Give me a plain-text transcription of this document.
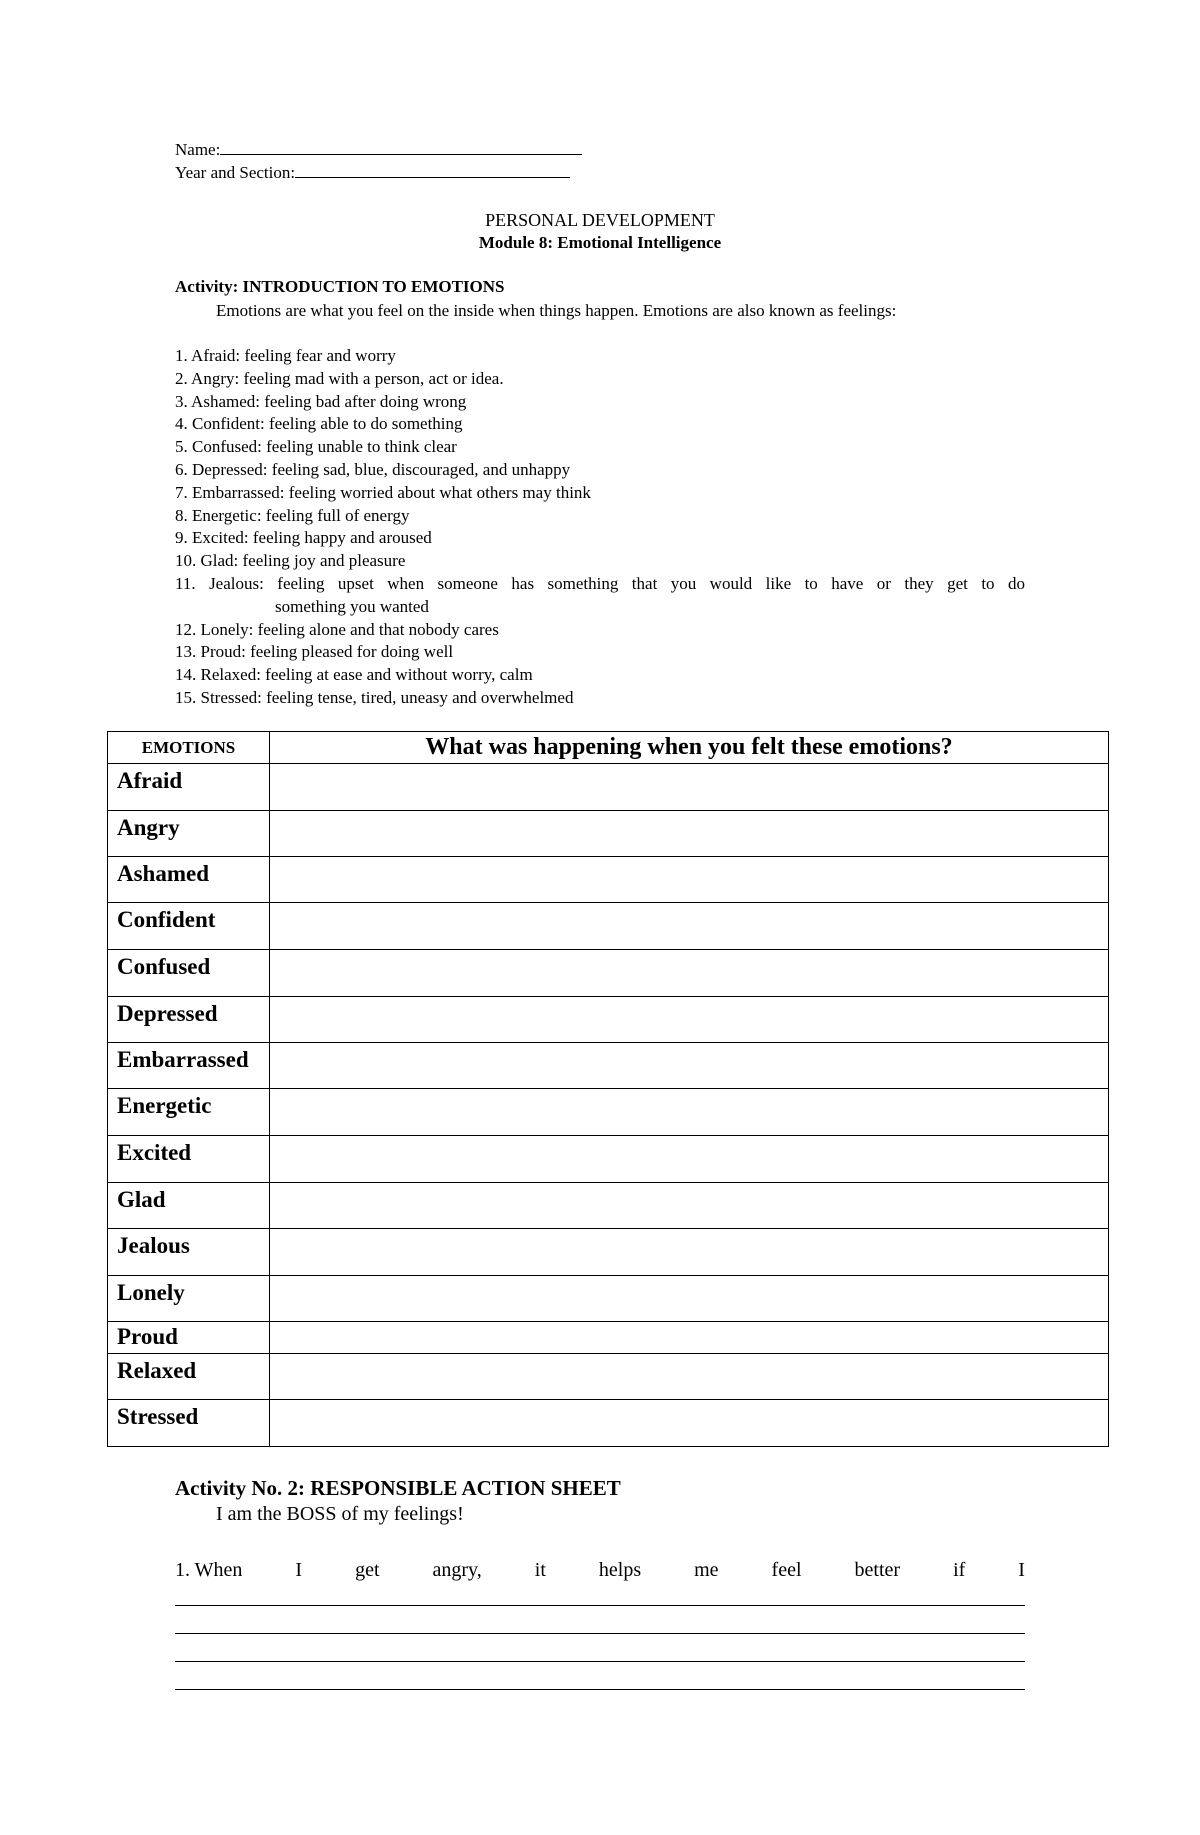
Name:
Year and Section:
PERSONAL DEVELOPMENT
Module 8: Emotional Intelligence
Activity: INTRODUCTION TO EMOTIONS
Emotions are what you feel on the inside when things happen. Emotions are also known as feelings:

1. Afraid: feeling fear and worry

2. Angry: feeling mad with a person, act or idea.

3. Ashamed: feeling bad after doing wrong

4. Confident: feeling able to do something

5. Confused: feeling unable to think clear

6. Depressed: feeling sad, blue, discouraged, and unhappy

7. Embarrassed: feeling worried about what others may think

8. Energetic: feeling full of energy

9. Excited: feeling happy and aroused

10. Glad: feeling joy and pleasure

11. Jealous: feeling upset when someone has something that you would like to have or they get to do

something you wanted

12. Lonely: feeling alone and that nobody cares

13. Proud: feeling pleased for doing well

14. Relaxed: feeling at ease and without worry, calm

15. Stressed: feeling tense, tired, uneasy and overwhelmed

EMOTIONS	What was happening when you felt these emotions?
Afraid	
Angry	
Ashamed	
Confident	
Confused	
Depressed	
Embarrassed	
Energetic	
Excited	
Glad	
Jealous	
Lonely	
Proud	
Relaxed	
Stressed	
Activity No. 2: RESPONSIBLE ACTION SHEET
I am the BOSS of my feelings!
1. When	I	get	angry,	it	helps	me	feel	better	if	I
